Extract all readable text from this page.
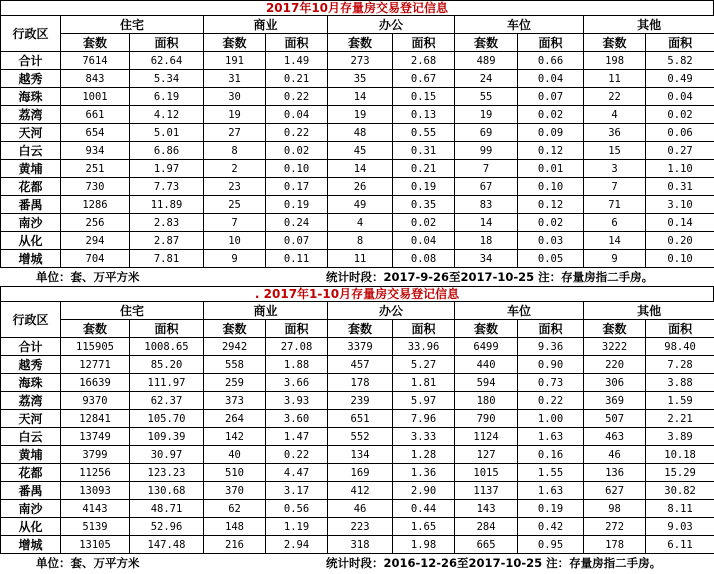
2017年10月存量房交易登记信息
行政区	住宅		商业		办公		车位		其他	
	套数	面积	套数	面积	套数	面积	套数	面积	套数	面积
合计	7614	62.64	191	1.49	273	2.68	489	0.66	198	5.82
越秀	843	5.34	31	0.21	35	0.67	24	0.04	11	0.49
海珠	1001	6.19	30	0.22	14	0.15	55	0.07	22	0.04
荔湾	661	4.12	19	0.04	19	0.13	19	0.02	4	0.02
天河	654	5.01	27	0.22	48	0.55	69	0.09	36	0.06
白云	934	6.86	8	0.02	45	0.31	99	0.12	15	0.27
黄埔	251	1.97	2	0.10	14	0.21	7	0.01	3	1.10
花都	730	7.73	23	0.17	26	0.19	67	0.10	7	0.31
番禺	1286	11.89	25	0.19	49	0.35	83	0.12	71	3.10
南沙	256	2.83	7	0.24	4	0.02	14	0.02	6	0.14
从化	294	2.87	10	0.07	8	0.04	18	0.03	14	0.20
增城	704	7.81	9	0.11	11	0.08	34	0.05	9	0.10
单位：套、万平方米	统计时段：2017-9-26至2017-10-25 注：存量房指二手房。
. 2017年1-10月存量房交易登记信息
行政区	住宅		商业		办公		车位		其他	
	套数	面积	套数	面积	套数	面积	套数	面积	套数	面积
合计	115905	1008.65	2942	27.08	3379	33.96	6499	9.36	3222	98.40
越秀	12771	85.20	558	1.88	457	5.27	440	0.90	220	7.28
海珠	16639	111.97	259	3.66	178	1.81	594	0.73	306	3.88
荔湾	9370	62.37	373	3.93	239	5.97	180	0.22	369	1.59
天河	12841	105.70	264	3.60	651	7.96	790	1.00	507	2.21
白云	13749	109.39	142	1.47	552	3.33	1124	1.63	463	3.89
黄埔	3799	30.97	40	0.22	134	1.28	127	0.16	46	10.18
花都	11256	123.23	510	4.47	169	1.36	1015	1.55	136	15.29
番禺	13093	130.68	370	3.17	412	2.90	1137	1.63	627	30.82
南沙	4143	48.71	62	0.56	46	0.44	143	0.19	98	8.11
从化	5139	52.96	148	1.19	223	1.65	284	0.42	272	9.03
增城	13105	147.48	216	2.94	318	1.98	665	0.95	178	6.11
单位：套、万平方米	统计时段：2016-12-26至2017-10-25 注：存量房指二手房。
